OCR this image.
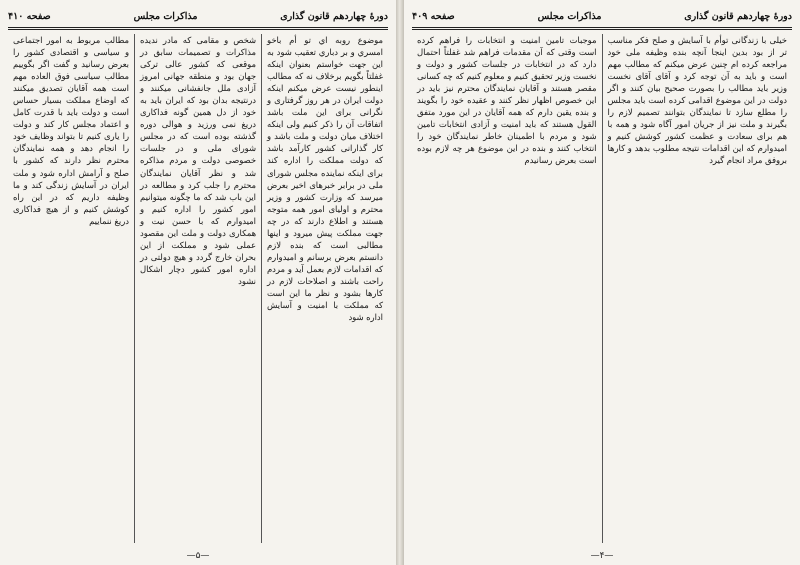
دورهٔ چهاردهم قانون گذاری
مذاکرات مجلس
صفحه ۴۱۰
موضوع روبه اي تو أم باخو امسري و بر دباري تعقيب شود به این جهت خواستم بعنوان اینکه غفلتاً بگویم برخلاف نه که مطالب اینطور نیست عرض میکنم اینکه دولت ایران در هر روز گرفتاری و نگرانی برای این ملت باشد اتفاقات آن را ذکر کنیم ولی اینکه اختلاف میان دولت و ملت باشد و کار گذارانی کشور کارآمد باشد که دولت مملکت را اداره کند برای اینکه نماینده مجلس شورای ملی در برابر خبرهای اخیر بعرض میرسد که وزارت کشور و وزیر محترم و اولیای امور همه متوجه هستند و اطلاع دارند که در چه جهت مملکت پیش میرود و اینها مطالبی است که بنده لازم دانستم بعرض برسانم و امیدوارم که اقدامات لازم بعمل آید و مردم راحت باشند و اصلاحات لازم در کارها بشود و نظر ما این است که مملکت با امنیت و آسایش اداره شود
شخص و مقامی که مادر ندیده مذاکرات و تصمیمات سابق در موقعی که کشور عالی ترکی جهان بود و منطقه جهانی امروز آزادی ملل جانفشانی میکنند و درنتیجه بدان بود که ایران باید به خود از دل همین گونه فداکاری دریغ نمی ورزید و هوالی دوره گذشته بوده است که در مجلس شورای ملی و در جلسات خصوصی دولت و مردم مذاکره شد و نظر آقایان نمایندگان محترم را جلب کرد و مطالعه در این باب شد که ما چگونه میتوانیم امور کشور را اداره کنیم و امیدوارم که با حسن نیت و همکاری دولت و ملت این مقصود عملی شود و مملکت از این بحران خارج گردد و هیچ دولتی در اداره امور کشور دچار اشکال نشود
مطالب مربوط به امور اجتماعی و سیاسی و اقتصادی کشور را بعرض رسانید و گفت اگر بگوییم مطالب سیاسی فوق العاده مهم است همه آقایان تصدیق میکنند که اوضاع مملکت بسیار حساس است و دولت باید با قدرت کامل و اعتماد مجلس کار کند و دولت را یاری کنیم تا بتواند وظایف خود را انجام دهد و همه نمایندگان محترم نظر دارند که کشور با صلح و آرامش اداره شود و ملت ایران در آسایش زندگی کند و ما وظیفه داریم که در این راه کوشش کنیم و از هیچ فداکاری دریغ ننماییم
—۵—
دورهٔ چهاردهم قانون گذاری
مذاکرات مجلس
صفحه ۴۰۹
خیلی با زندگانی توأم با آسایش و صلح فکر مناسب تر از بود بدین اینجا آنچه بنده وظیفه ملی خود مراجعه کرده ام چنین عرض میکنم که مطالب مهم است و باید به آن توجه کرد و آقای آقای نخست وزیر باید مطالب را بصورت صحیح بیان کنند و اگر دولت در این موضوع اقدامی کرده است باید مجلس را مطلع سازد تا نمایندگان بتوانند تصمیم لازم را بگیرند و ملت نیز از جریان امور آگاه شود و همه با هم برای سعادت و عظمت کشور کوشش کنیم و امیدوارم که این اقدامات نتیجه مطلوب بدهد و کارها بروفق مراد انجام گیرد
موجبات تامین امنیت و انتخابات را فراهم کرده است وقتی که آن مقدمات فراهم شد غفلتاً احتمال دارد که در انتخابات در جلسات کشور و دولت و نخست وزیر تحقیق کنیم و معلوم کنیم که چه کسانی مقصر هستند و آقایان نمایندگان محترم نیز باید در این خصوص اظهار نظر کنند و عقیده خود را بگویند و بنده یقین دارم که همه آقایان در این مورد متفق القول هستند که باید امنیت و آزادی انتخابات تامین شود و مردم با اطمینان خاطر نمایندگان خود را انتخاب کنند و بنده در این موضوع هر چه لازم بوده است بعرض رسانیدم
—۴—
